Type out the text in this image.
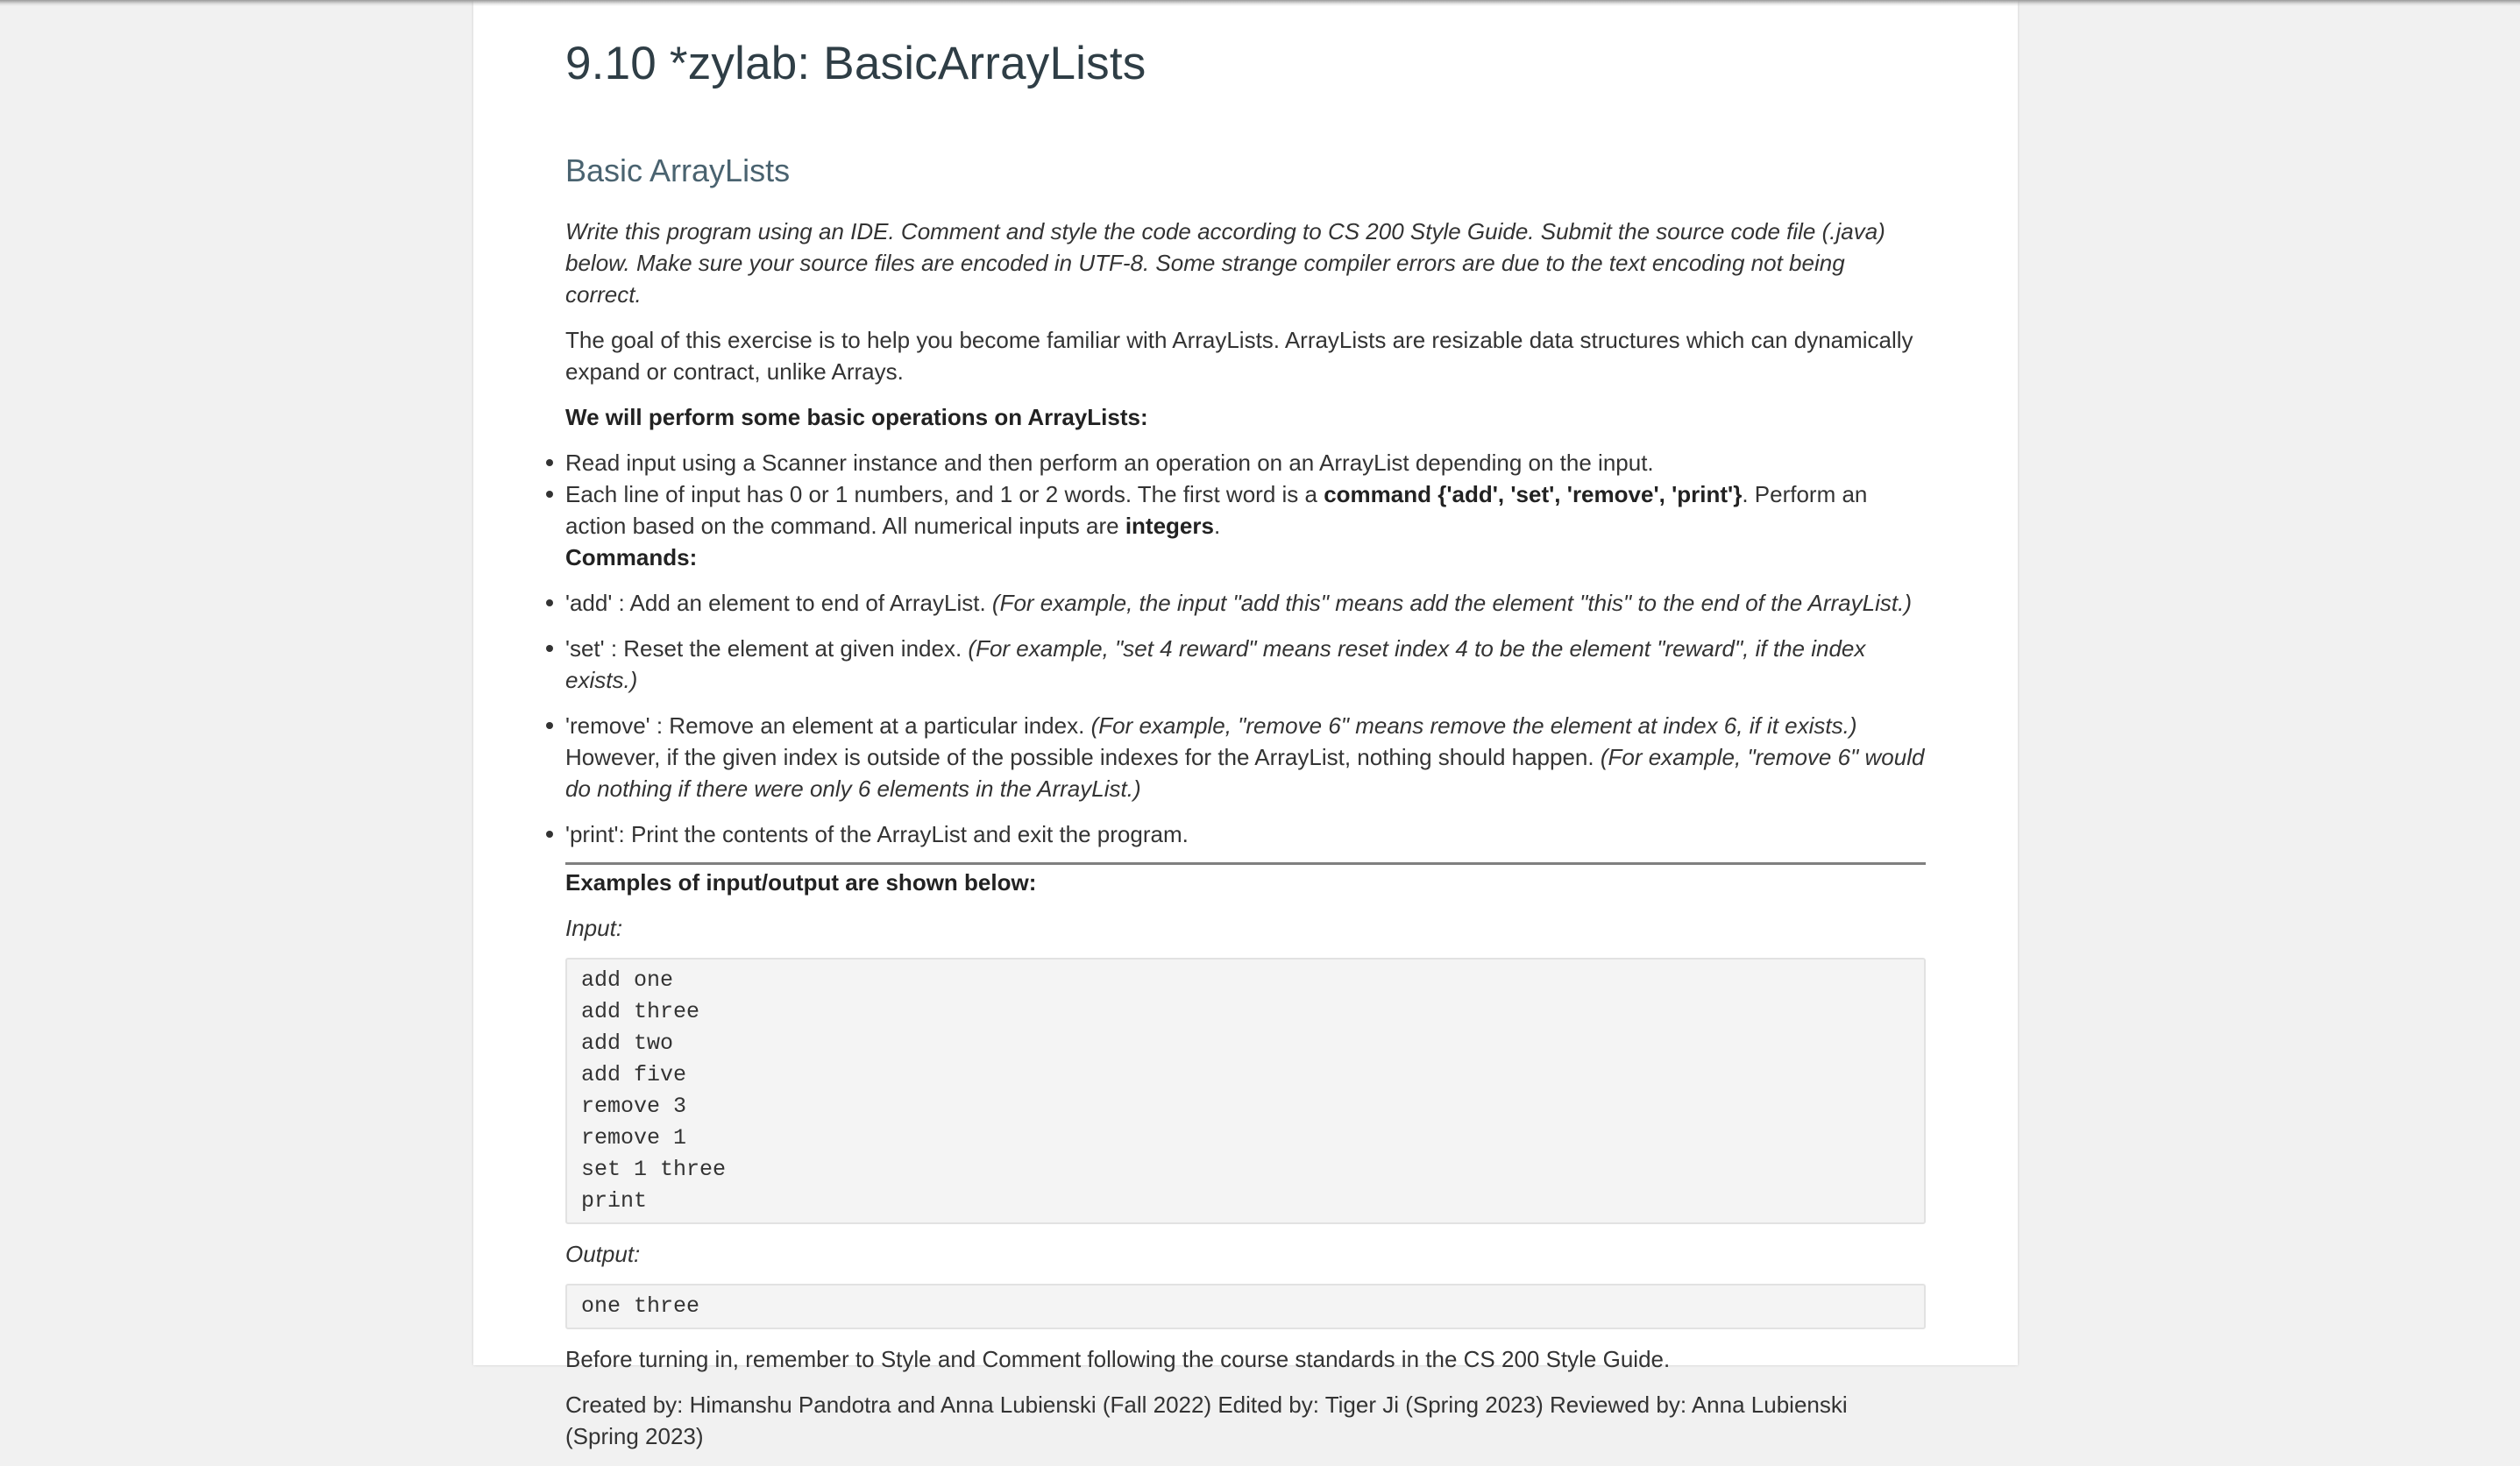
9.10 *zylab: BasicArrayLists
Basic ArrayLists

Write this program using an IDE. Comment and style the code according to CS 200 Style Guide. Submit the source code file (.java) below. Make sure your source files are encoded in UTF-8. Some strange compiler errors are due to the text encoding not being correct.

The goal of this exercise is to help you become familiar with ArrayLists. ArrayLists are resizable data structures which can dynamically expand or contract, unlike Arrays.

We will perform some basic operations on ArrayLists:

Read input using a Scanner instance and then perform an operation on an ArrayList depending on the input.
Each line of input has 0 or 1 numbers, and 1 or 2 words. The first word is a command {'add', 'set', 'remove', 'print'}. Perform an action based on the command. All numerical inputs are integers.
Commands:
'add' : Add an element to end of ArrayList. (For example, the input "add this" means add the element "this" to the end of the ArrayList.)
'set' : Reset the element at given index. (For example, "set 4 reward" means reset index 4 to be the element "reward", if the index exists.)
'remove' : Remove an element at a particular index. (For example, "remove 6" means remove the element at index 6, if it exists.) However, if the given index is outside of the possible indexes for the ArrayList, nothing should happen. (For example, "remove 6" would do nothing if there were only 6 elements in the ArrayList.)
'print': Print the contents of the ArrayList and exit the program.

Examples of input/output are shown below:

Input:

add one
add three
add two
add five
remove 3
remove 1
set 1 three
print

Output:

one three

Before turning in, remember to Style and Comment following the course standards in the CS 200 Style Guide.

Created by: Himanshu Pandotra and Anna Lubienski (Fall 2022) Edited by: Tiger Ji (Spring 2023) Reviewed by: Anna Lubienski (Spring 2023)
